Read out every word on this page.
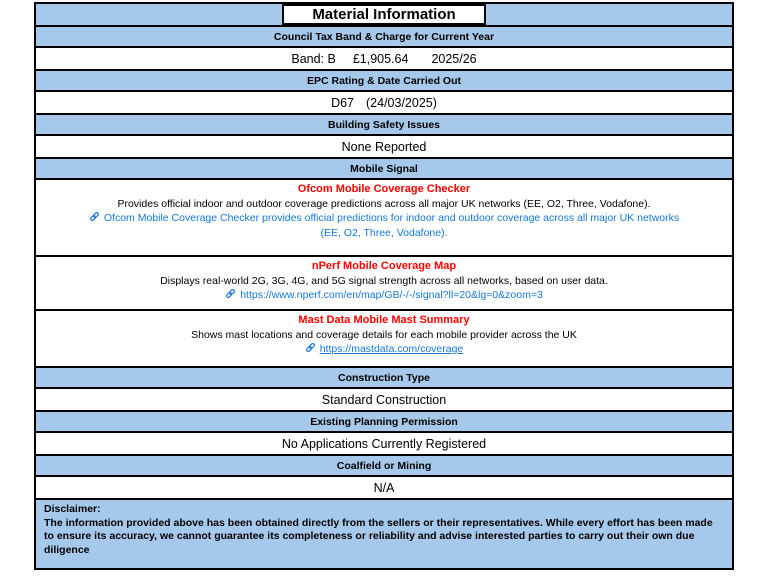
Material Information
Council Tax Band & Charge for Current Year
Band: B £1,905.64 2025/26
EPC Rating & Date Carried Out
D67 (24/03/2025)
Building Safety Issues
None Reported
Mobile Signal
Ofcom Mobile Coverage Checker
Provides official indoor and outdoor coverage predictions across all major UK networks (EE, O2, Three, Vodafone).
Ofcom Mobile Coverage Checker provides official predictions for indoor and outdoor coverage across all major UK networks (EE, O2, Three, Vodafone).
nPerf Mobile Coverage Map
Displays real-world 2G, 3G, 4G, and 5G signal strength across all networks, based on user data.
https://www.nperf.com/en/map/GB/-/-/signal?ll=20&lg=0&zoom=3
Mast Data Mobile Mast Summary
Shows mast locations and coverage details for each mobile provider across the UK
https://mastdata.com/coverage
Construction Type
Standard Construction
Existing Planning Permission
No Applications Currently Registered
Coalfield or Mining
N/A
Disclaimer:
The information provided above has been obtained directly from the sellers or their representatives. While every effort has been made to ensure its accuracy, we cannot guarantee its completeness or reliability and advise interested parties to carry out their own due diligence
